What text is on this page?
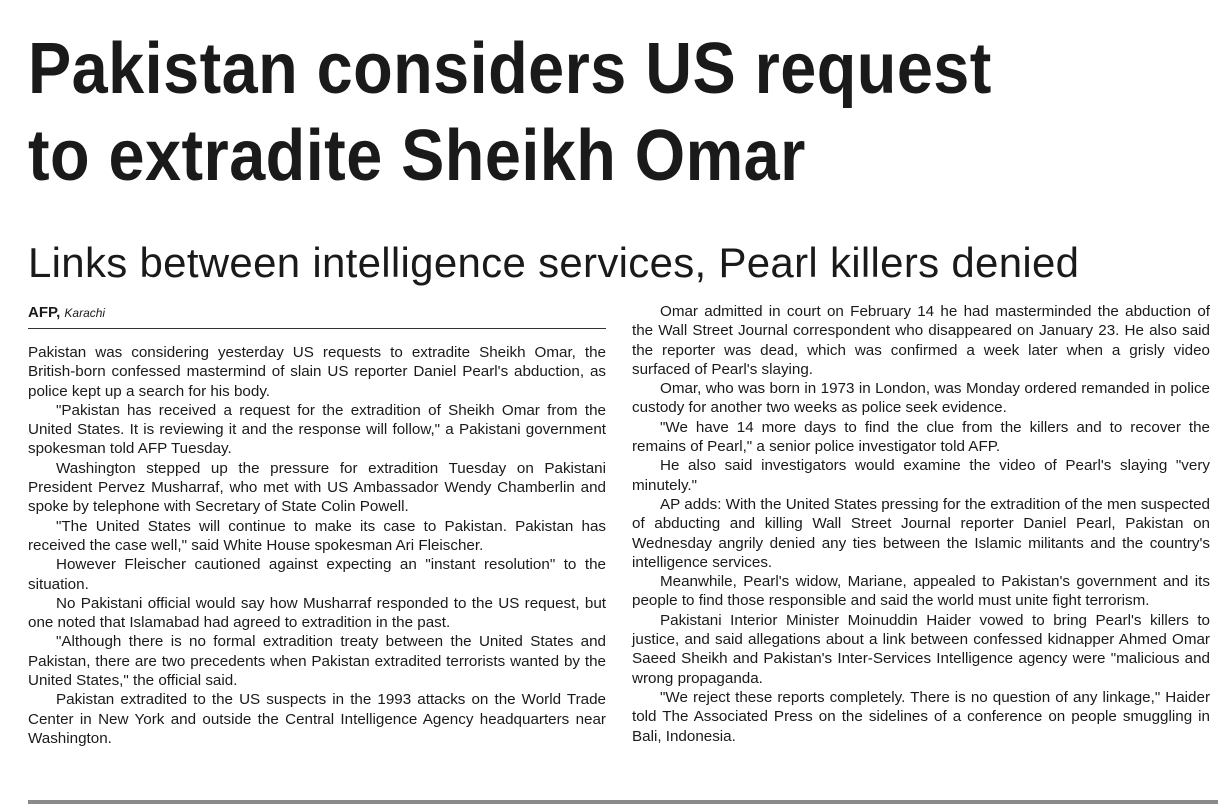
Pakistan considers US request
to extradite Sheikh Omar
Links between intelligence services, Pearl killers denied
AFP, Karachi

Pakistan was considering yesterday US requests to extradite Sheikh Omar, the British-born confessed mastermind of slain US reporter Daniel Pearl's abduction, as police kept up a search for his body.

"Pakistan has received a request for the extradition of Sheikh Omar from the United States. It is reviewing it and the response will follow," a Pakistani government spokesman told AFP Tuesday.

Washington stepped up the pressure for extradition Tuesday on Pakistani President Pervez Musharraf, who met with US Ambassador Wendy Chamberlin and spoke by telephone with Secretary of State Colin Powell.

"The United States will continue to make its case to Pakistan. Pakistan has received the case well," said White House spokesman Ari Fleischer.

However Fleischer cautioned against expecting an "instant resolution" to the situation.

No Pakistani official would say how Musharraf responded to the US request, but one noted that Islamabad had agreed to extradition in the past.

"Although there is no formal extradition treaty between the United States and Pakistan, there are two precedents when Pakistan extradited terrorists wanted by the United States," the official said.

Pakistan extradited to the US suspects in the 1993 attacks on the World Trade Center in New York and outside the Central Intelligence Agency headquarters near Washington.

Omar admitted in court on February 14 he had masterminded the abduction of the Wall Street Journal correspondent who disappeared on January 23. He also said the reporter was dead, which was confirmed a week later when a grisly video surfaced of Pearl's slaying.

Omar, who was born in 1973 in London, was Monday ordered remanded in police custody for another two weeks as police seek evidence.

"We have 14 more days to find the clue from the killers and to recover the remains of Pearl," a senior police investigator told AFP.

He also said investigators would examine the video of Pearl's slaying "very minutely."

AP adds: With the United States pressing for the extradition of the men suspected of abducting and killing Wall Street Journal reporter Daniel Pearl, Pakistan on Wednesday angrily denied any ties between the Islamic militants and the country's intelligence services.

Meanwhile, Pearl's widow, Mariane, appealed to Pakistan's government and its people to find those responsible and said the world must unite fight terrorism.

Pakistani Interior Minister Moinuddin Haider vowed to bring Pearl's killers to justice, and said allegations about a link between confessed kidnapper Ahmed Omar Saeed Sheikh and Pakistan's Inter-Services Intelligence agency were "malicious and wrong propaganda.

"We reject these reports completely. There is no question of any linkage," Haider told The Associated Press on the sidelines of a conference on people smuggling in Bali, Indonesia.
